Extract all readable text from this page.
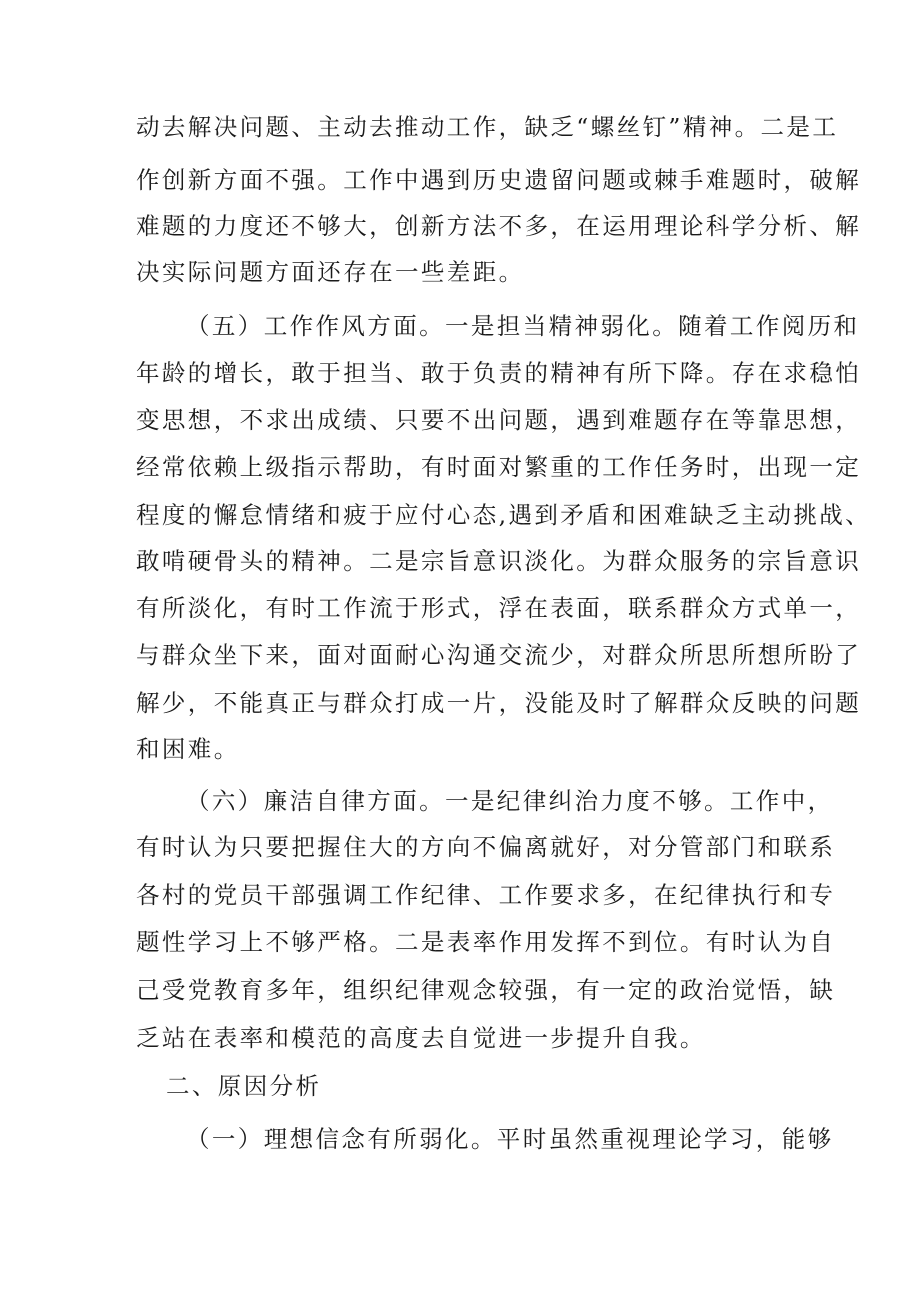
动去解决问题、主动去推动工作，缺乏“螺丝钉”精神。二是工

作创新方面不强。工作中遇到历史遗留问题或棘手难题时，破解

难题的力度还不够大，创新方法不多，在运用理论科学分析、解

决实际问题方面还存在一些差距。

（五）工作作风方面。一是担当精神弱化。随着工作阅历和

年龄的增长，敢于担当、敢于负责的精神有所下降。存在求稳怕

变思想，不求出成绩、只要不出问题，遇到难题存在等靠思想，

经常依赖上级指示帮助，有时面对繁重的工作任务时，出现一定

程度的懈怠情绪和疲于应付心态,遇到矛盾和困难缺乏主动挑战、

敢啃硬骨头的精神。二是宗旨意识淡化。为群众服务的宗旨意识

有所淡化，有时工作流于形式，浮在表面，联系群众方式单一，

与群众坐下来，面对面耐心沟通交流少，对群众所思所想所盼了

解少，不能真正与群众打成一片，没能及时了解群众反映的问题

和困难。

（六）廉洁自律方面。一是纪律纠治力度不够。工作中，

有时认为只要把握住大的方向不偏离就好，对分管部门和联系

各村的党员干部强调工作纪律、工作要求多，在纪律执行和专

题性学习上不够严格。二是表率作用发挥不到位。有时认为自

己受党教育多年，组织纪律观念较强，有一定的政治觉悟，缺

乏站在表率和模范的高度去自觉进一步提升自我。

二、原因分析

（一）理想信念有所弱化。平时虽然重视理论学习，能够
